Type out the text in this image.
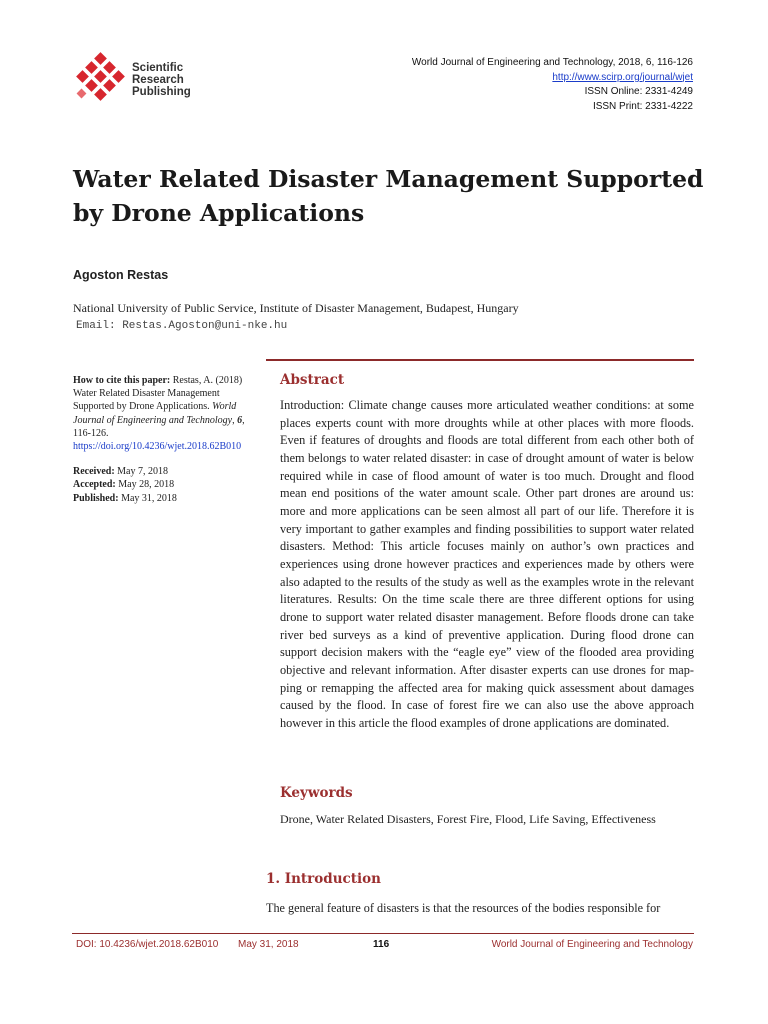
Scientific
Research
Publishing
World Journal of Engineering and Technology, 2018, 6, 116-126
http://www.scirp.org/journal/wjet
ISSN Online: 2331-4249
ISSN Print: 2331-4222
Water Related Disaster Management Supported by Drone Applications
Agoston Restas
National University of Public Service, Institute of Disaster Management, Budapest, Hungary
Email: Restas.Agoston@uni-nke.hu
How to cite this paper: Restas, A. (2018) Water Related Disaster Management Supported by Drone Applications. World Journal of Engineering and Technology, 6, 116-126.
https://doi.org/10.4236/wjet.2018.62B010
Received: May 7, 2018
Accepted: May 28, 2018
Published: May 31, 2018
Abstract

Introduction: Climate change causes more articulated weather conditions: at some places experts count with more droughts while at other places with more floods. Even if features of droughts and floods are total different from each other both of them belongs to water related disaster: in case of drought amount of water is below required while in case of flood amount of water is too much. Drought and flood mean end positions of the water amount scale. Other part drones are around us: more and more applications can be seen almost all part of our life. Therefore it is very important to gather examples and finding possibilities to support water related disasters. Method: This article focuses mainly on author’s own practices and experiences using drone however practices and experiences made by others were also adapted to the results of the study as well as the examples wrote in the relevant literatures. Results: On the time scale there are three different options for using drone to support water related disaster management. Before floods drone can take river bed surveys as a kind of preventive application. During flood drone can support decision makers with the “eagle eye” view of the flooded area providing objective and relevant information. After disaster experts can use drones for mapping or remapping the affected area for making quick assessment about damages caused by the flood. In case of forest fire we can also use the above approach however in this article the flood examples of drone applications are dominated.

Keywords

Drone, Water Related Disasters, Forest Fire, Flood, Life Saving, Effectiveness

1. Introduction

The general feature of disasters is that the resources of the bodies responsible for

DOI: 10.4236/wjet.2018.62B010 May 31, 2018	116	World Journal of Engineering and Technology
